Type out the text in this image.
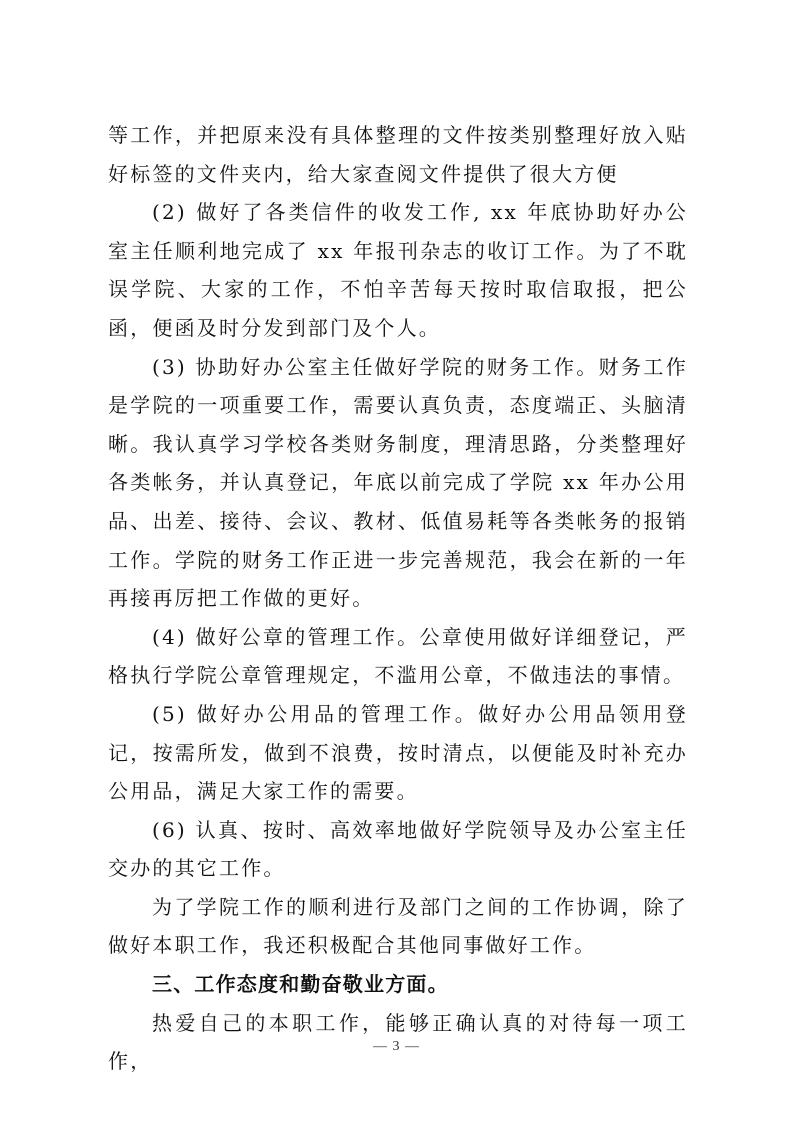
等工作，并把原来没有具体整理的文件按类别整理好放入贴好标签的文件夹内，给大家查阅文件提供了很大方便

(2) 做好了各类信件的收发工作, xx 年底协助好办公室主任顺利地完成了 xx 年报刊杂志的收订工作。为了不耽误学院、大家的工作，不怕辛苦每天按时取信取报，把公函，便函及时分发到部门及个人。

(3) 协助好办公室主任做好学院的财务工作。财务工作是学院的一项重要工作，需要认真负责，态度端正、头脑清晰。我认真学习学校各类财务制度，理清思路，分类整理好各类帐务，并认真登记，年底以前完成了学院 xx 年办公用品、出差、接待、会议、教材、低值易耗等各类帐务的报销工作。学院的财务工作正进一步完善规范，我会在新的一年再接再厉把工作做的更好。

(4) 做好公章的管理工作。公章使用做好详细登记，严格执行学院公章管理规定，不滥用公章，不做违法的事情。

(5) 做好办公用品的管理工作。做好办公用品领用登记，按需所发，做到不浪费，按时清点，以便能及时补充办公用品，满足大家工作的需要。

(6) 认真、按时、高效率地做好学院领导及办公室主任交办的其它工作。

为了学院工作的顺利进行及部门之间的工作协调，除了做好本职工作，我还积极配合其他同事做好工作。

三、工作态度和勤奋敬业方面。

热爱自己的本职工作，能够正确认真的对待每一项工作，

— 3 —
